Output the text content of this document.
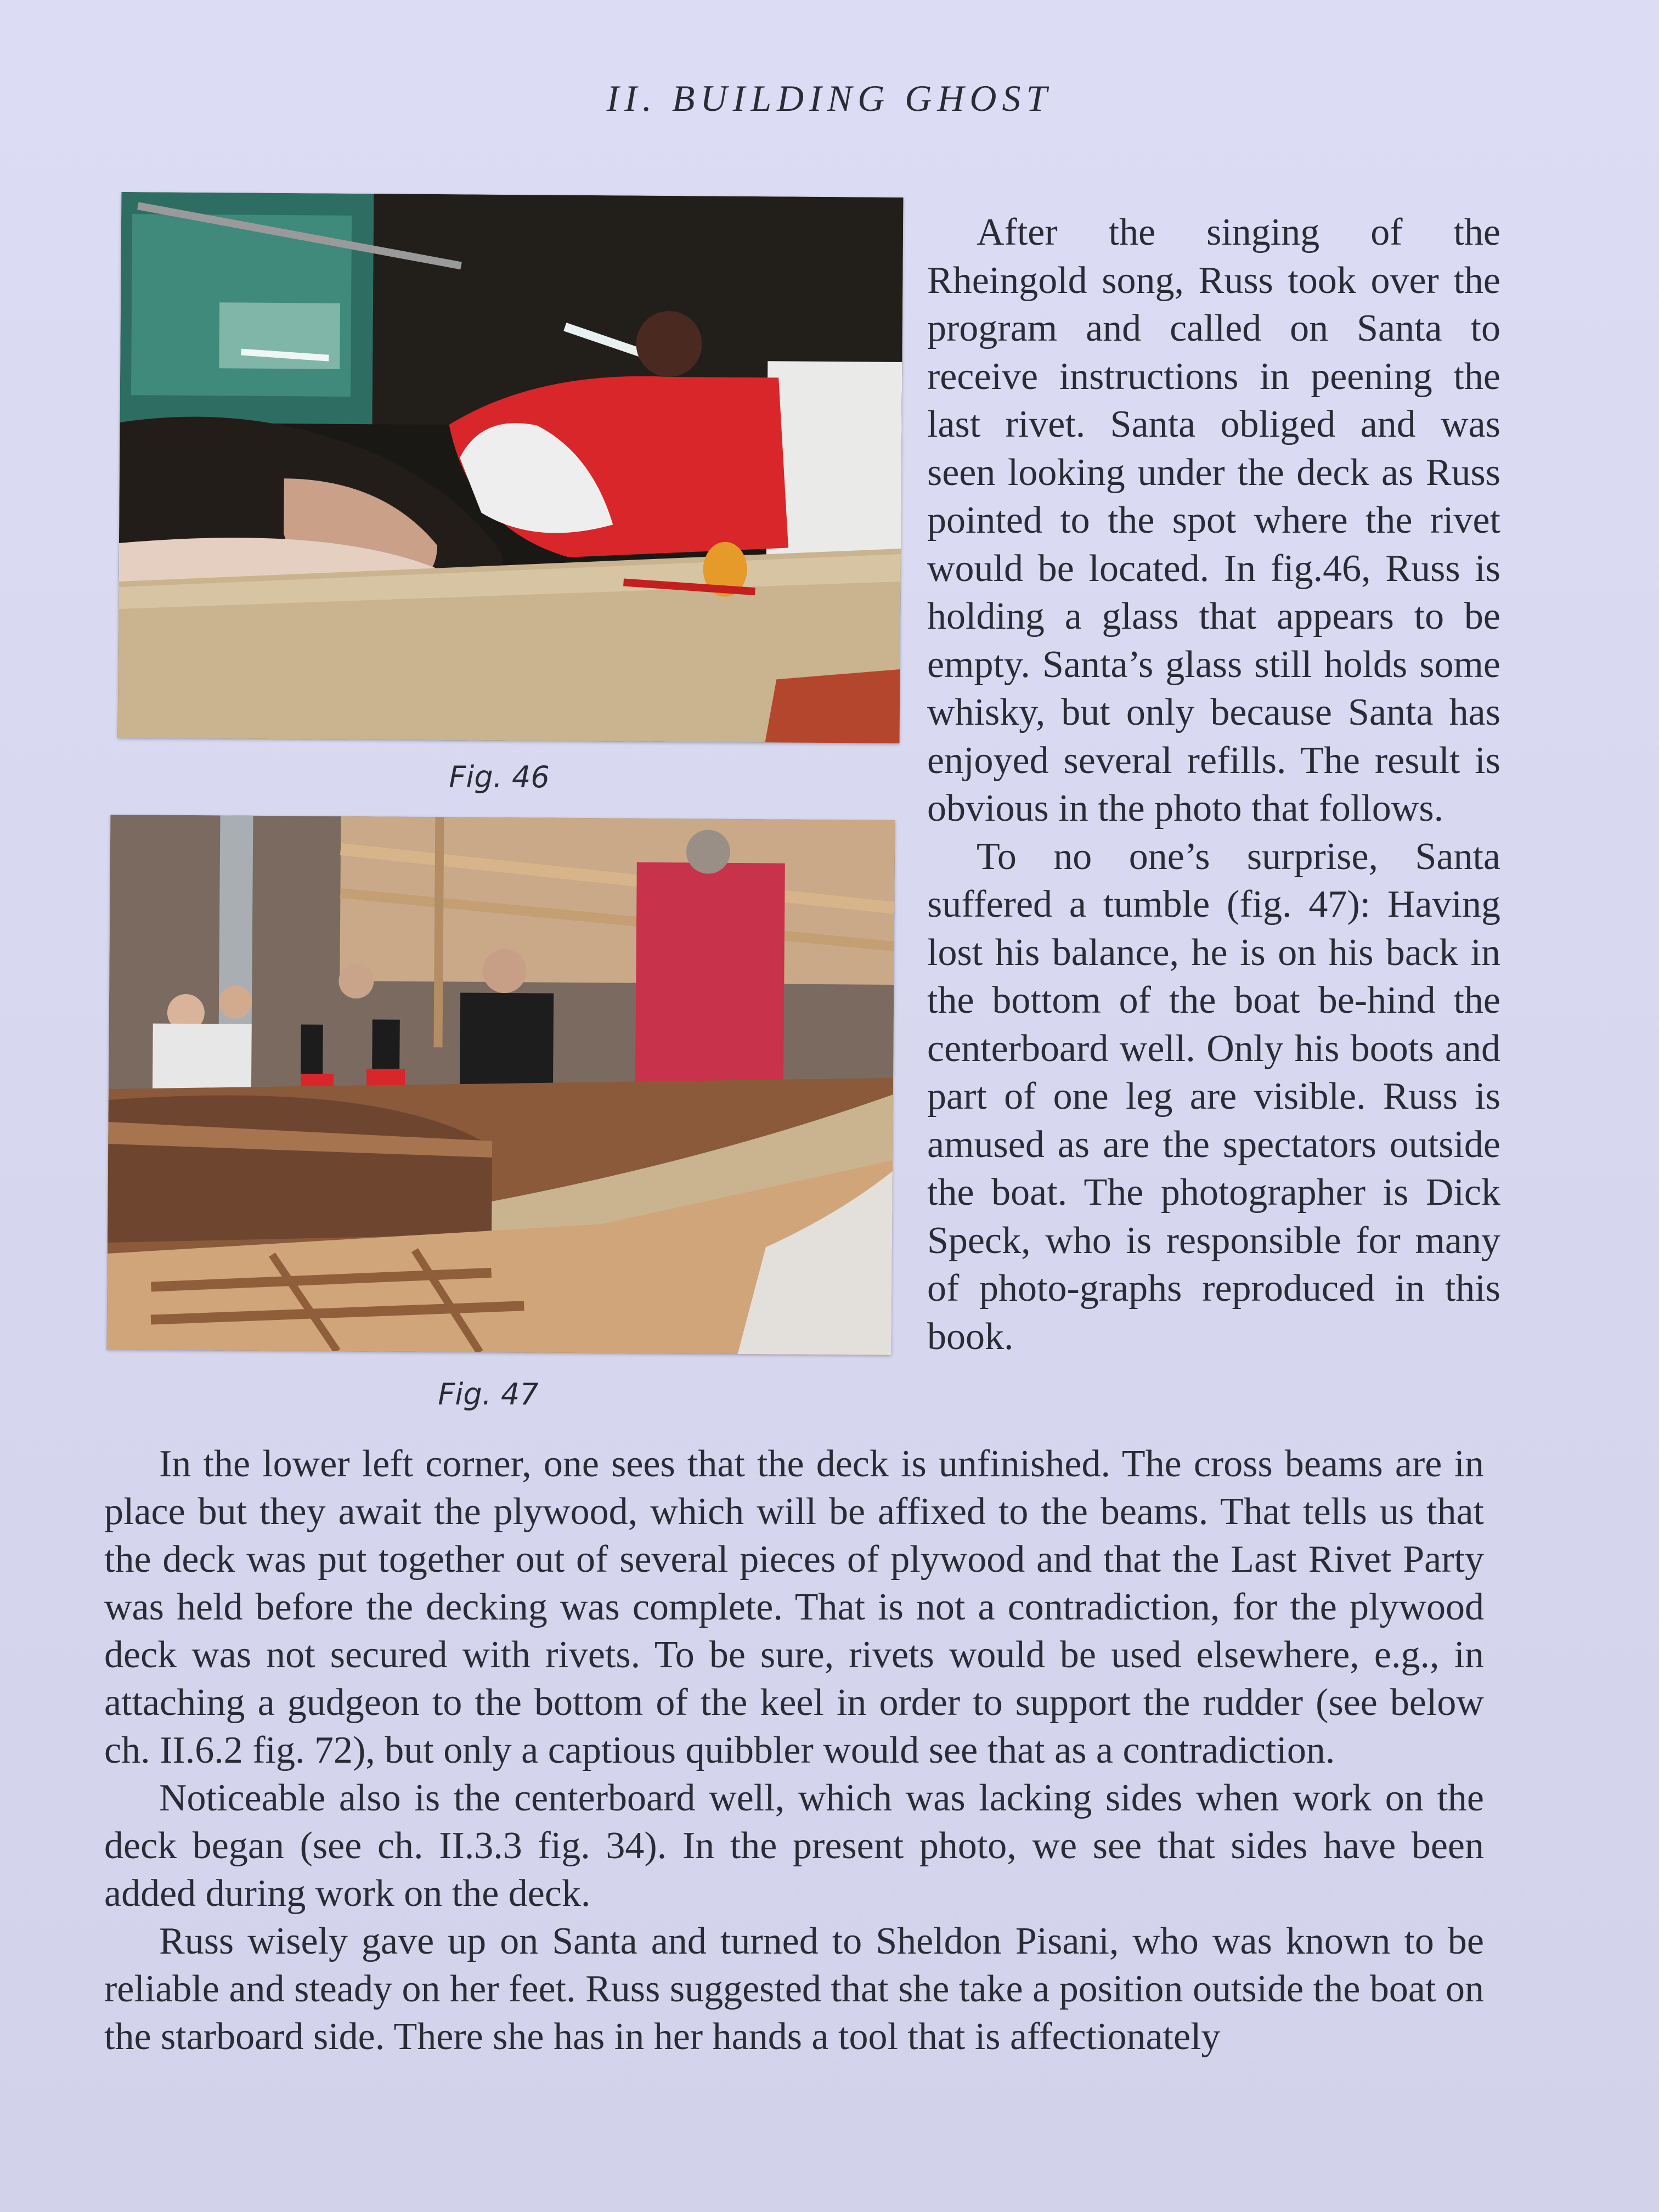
II. BUILDING GHOST
Fig. 46
Fig. 47

After the singing of the Rheingold song, Russ took over the program and called on Santa to receive instructions in peening the last rivet. Santa obliged and was seen looking under the deck as Russ pointed to the spot where the rivet would be located. In fig.46, Russ is holding a glass that appears to be empty. Santa’s glass still holds some whisky, but only because Santa has enjoyed several refills. The result is obvious in the photo that follows.

To no one’s surprise, Santa suffered a tumble (fig. 47): Having lost his balance, he is on his back in the bottom of the boat be-hind the centerboard well. Only his boots and part of one leg are visible. Russ is amused as are the spectators outside the boat. The photographer is Dick Speck, who is responsible for many of photo-graphs reproduced in this book.

In the lower left corner, one sees that the deck is unfinished. The cross beams are in place but they await the plywood, which will be affixed to the beams. That tells us that the deck was put together out of several pieces of plywood and that the Last Rivet Party was held before the decking was complete. That is not a contradiction, for the plywood deck was not secured with rivets. To be sure, rivets would be used elsewhere, e.g., in attaching a gudgeon to the bottom of the keel in order to support the rudder (see below ch. II.6.2 fig. 72), but only a captious quibbler would see that as a contradiction.

Noticeable also is the centerboard well, which was lacking sides when work on the deck began (see ch. II.3.3 fig. 34). In the present photo, we see that sides have been added during work on the deck.

Russ wisely gave up on Santa and turned to Sheldon Pisani, who was known to be reliable and steady on her feet. Russ suggested that she take a position outside the boat on the starboard side. There she has in her hands a tool that is affectionately
